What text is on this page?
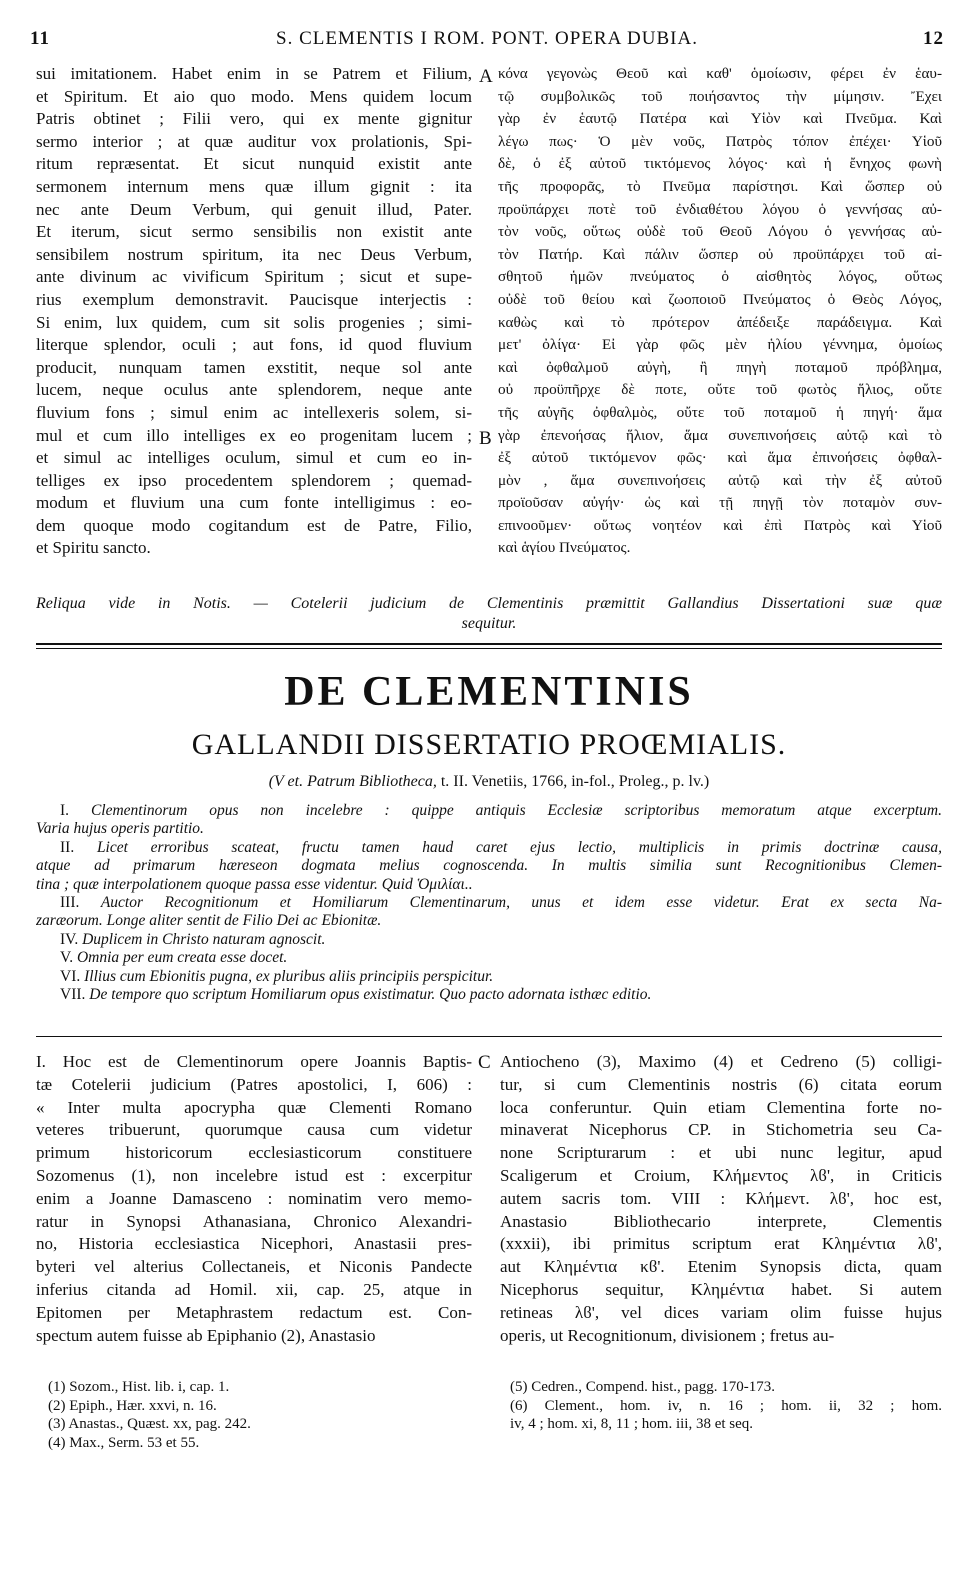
11	S. CLEMENTIS I ROM. PONT. OPERA DUBIA.	12
sui imitationem. Habet enim in se Patrem et Filium,
et Spiritum. Et aio quo modo. Mens quidem locum
Patris obtinet ; Filii vero, qui ex mente gignitur
sermo interior ; at quæ auditur vox prolationis, Spi-
ritum repræsentat. Et sicut nunquid existit ante
sermonem internum mens quæ illum gignit : ita
nec ante Deum Verbum, qui genuit illud, Pater.
Et iterum, sicut sermo sensibilis non existit ante
sensibilem nostrum spiritum, ita nec Deus Verbum,
ante divinum ac vivificum Spiritum ; sicut et supe-
rius exemplum demonstravit. Paucisque interjectis :
Si enim, lux quidem, cum sit solis progenies ; simi-
literque splendor, oculi ; aut fons, id quod fluvium
producit, nunquam tamen exstitit, neque sol ante
lucem, neque oculus ante splendorem, neque ante
fluvium fons ; simul enim ac intellexeris solem, si-
mul et cum illo intelliges ex eo progenitam lucem ;
et simul ac intelliges oculum, simul et cum eo in-
telliges ex ipso procedentem splendorem ; quemad-
modum et fluvium una cum fonte intelligimus : eo-
dem quoque modo cogitandum est de Patre, Filio,
et Spiritu sancto.
κόνα γεγονὼς Θεοῦ καὶ καθ' ὁμοίωσιν, φέρει ἐν ἑαυ-
τῷ συμβολικῶς τοῦ ποιήσαντος τὴν μίμησιν. Ἔχει
γὰρ ἐν ἑαυτῷ Πατέρα καὶ Υἱὸν καὶ Πνεῦμα. Καὶ
λέγω πως· Ὁ μὲν νοῦς, Πατρὸς τόπον ἐπέχει· Υἱοῦ
δὲ, ὁ ἐξ αὐτοῦ τικτόμενος λόγος· καὶ ἡ ἔνηχος φωνὴ
τῆς προφορᾶς, τὸ Πνεῦμα παρίστησι. Καὶ ὥσπερ οὐ
προϋπάρχει ποτὲ τοῦ ἐνδιαθέτου λόγου ὁ γεννήσας αὐ-
τὸν νοῦς, οὕτως οὐδὲ τοῦ Θεοῦ Λόγου ὁ γεννήσας αὐ-
τὸν Πατήρ. Καὶ πάλιν ὥσπερ οὐ προϋπάρχει τοῦ αἰ-
σθητοῦ ἡμῶν πνεύματος ὁ αἰσθητὸς λόγος, οὕτως
οὐδὲ τοῦ θείου καὶ ζωοποιοῦ Πνεύματος ὁ Θεὸς Λόγος,
καθὼς καὶ τὸ πρότερον ἀπέδειξε παράδειγμα. Καὶ
μετ' ὀλίγα· Εἰ γὰρ φῶς μὲν ἡλίου γέννημα, ὁμοίως
καὶ ὀφθαλμοῦ αὐγὴ, ἢ πηγὴ ποταμοῦ πρόβλημα,
οὐ προϋπῆρχε δὲ ποτε, οὔτε τοῦ φωτὸς ἥλιος, οὔτε
τῆς αὐγῆς ὀφθαλμὸς, οὔτε τοῦ ποταμοῦ ἡ πηγή· ἅμα
γὰρ ἐπενοήσας ἥλιον, ἅμα συνεπινοήσεις αὐτῷ καὶ τὸ
ἐξ αὐτοῦ τικτόμενον φῶς· καὶ ἅμα ἐπινοήσεις ὀφθαλ-
μὸν , ἅμα συνεπινοήσεις αὐτῷ καὶ τὴν ἐξ αὐτοῦ
προϊοῦσαν αὐγήν· ὡς καὶ τῇ πηγῇ τὸν ποταμὸν συν-
επινοοῦμεν· οὕτως νοητέον καὶ ἐπὶ Πατρὸς καὶ Υἱοῦ
καὶ ἁγίου Πνεύματος.
A
B
C
Reliqua vide in Notis. — Cotelerii judicium de Clementinis præmittit Gallandius Dissertationi suæ quæ
sequitur.
DE CLEMENTINIS
GALLANDII DISSERTATIO PROŒMIALIS.
(V et. Patrum Bibliotheca, t. II. Venetiis, 1766, in-fol., Proleg., p. lv.)
I. Clementinorum opus non incelebre : quippe antiquis Ecclesiæ scriptoribus memoratum atque excerptum.
Varia hujus operis partitio.
II. Licet erroribus scateat, fructu tamen haud caret ejus lectio, multiplicis in primis doctrinæ causa,
atque ad primarum hæreseon dogmata melius cognoscenda. In multis similia sunt Recognitionibus Clemen-
tina ; quæ interpolationem quoque passa esse videntur. Quid Ὁμιλίαι..
III. Auctor Recognitionum et Homiliarum Clementinarum, unus et idem esse videtur. Erat ex secta Na-
zaræorum. Longe aliter sentit de Filio Dei ac Ebionitæ.
IV. Duplicem in Christo naturam agnoscit.
V. Omnia per eum creata esse docet.
VI. Illius cum Ebionitis pugna, ex pluribus aliis principiis perspicitur.
VII. De tempore quo scriptum Homiliarum opus existimatur. Quo pacto adornata isthæc editio.
I. Hoc est de Clementinorum opere Joannis Baptis-
tæ Cotelerii judicium (Patres apostolici, I, 606) :
« Inter multa apocrypha quæ Clementi Romano
veteres tribuerunt, quorumque causa cum videtur
primum historicorum ecclesiasticorum constituere
Sozomenus (1), non incelebre istud est : excerpitur
enim a Joanne Damasceno : nominatim vero memo-
ratur in Synopsi Athanasiana, Chronico Alexandri-
no, Historia ecclesiastica Nicephori, Anastasii pres-
byteri vel alterius Collectaneis, et Niconis Pandecte
inferius citanda ad Homil. xii, cap. 25, atque in
Epitomen per Metaphrastem redactum est. Con-
spectum autem fuisse ab Epiphanio (2), Anastasio
Antiocheno (3), Maximo (4) et Cedreno (5) colligi-
tur, si cum Clementinis nostris (6) citata eorum
loca conferuntur. Quin etiam Clementina forte no-
minaverat Nicephorus CP. in Stichometria seu Ca-
none Scripturarum : et ubi nunc legitur, apud
Scaligerum et Croium, Κλήμεντος λϐ', in Criticis
autem sacris tom. VIII : Κλήμεντ. λϐ', hoc est,
Anastasio Bibliothecario interprete, Clementis
(xxxii), ibi primitus scriptum erat Κλημέντια λϐ',
aut Κλημέντια κϐ'. Etenim Synopsis dicta, quam
Nicephorus sequitur, Κλημέντια habet. Si autem
retineas λϐ', vel dices variam olim fuisse hujus
operis, ut Recognitionum, divisionem ; fretus au-
(1) Sozom., Hist. lib. i, cap. 1.
(2) Epiph., Hær. xxvi, n. 16.
(3) Anastas., Quæst. xx, pag. 242.
(4) Max., Serm. 53 et 55.
(5) Cedren., Compend. hist., pagg. 170-173.
(6) Clement., hom. iv, n. 16 ; hom. ii, 32 ; hom.
iv, 4 ; hom. xi, 8, 11 ; hom. iii, 38 et seq.
